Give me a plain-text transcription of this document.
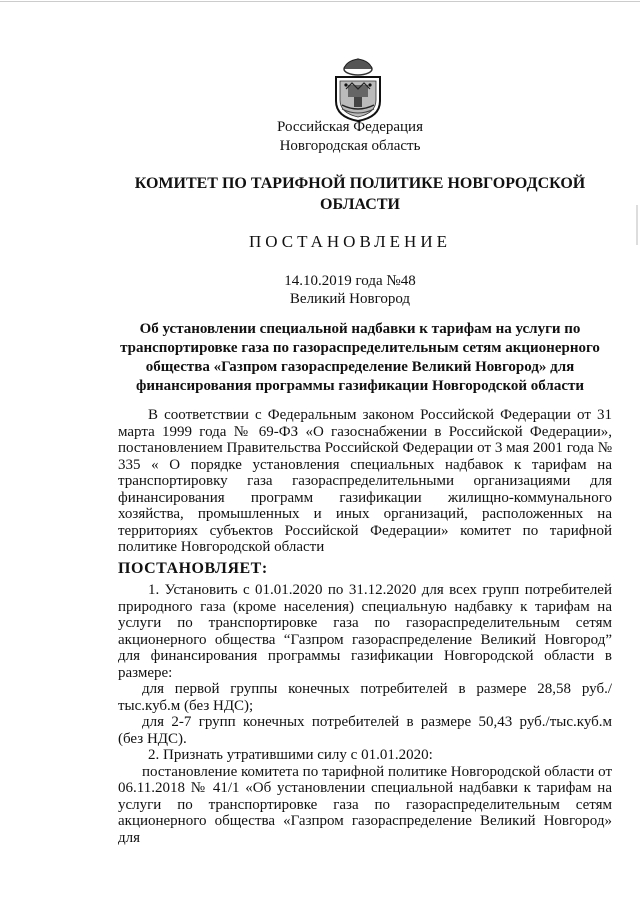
Российская Федерация
Новгородская область
КОМИТЕТ ПО ТАРИФНОЙ ПОЛИТИКЕ НОВГОРОДСКОЙ ОБЛАСТИ
ПОСТАНОВЛЕНИЕ
14.10.2019 года №48
Великий Новгород
Об установлении специальной надбавки к тарифам на услуги по транспортировке газа по газораспределительным сетям акционерного общества «Газпром газораспределение Великий Новгород» для финансирования программы газификации Новгородской области
В соответствии с Федеральным законом Российской Федерации от 31 марта 1999 года № 69-ФЗ «О газоснабжении в Российской Федерации», постановлением Правительства Российской Федерации от 3 мая 2001 года № 335 « О порядке установления специальных надбавок к тарифам на транспортировку газа газораспределительными организациями для финансирования программ газификации жилищно-коммунального хозяйства, промышленных и иных организаций, расположенных на территориях субъектов Российской Федерации» комитет по тарифной политике Новгородской области
ПОСТАНОВЛЯЕТ:

1. Установить с 01.01.2020 по 31.12.2020 для всех групп потребителей природного газа (кроме населения) специальную надбавку к тарифам на услуги по транспортировке газа по газораспределительным сетям акционерного общества “Газпром газораспределение Великий Новгород” для финансирования программы газификации Новгородской области в размере:

для первой группы конечных потребителей в размере 28,58 руб./тыс.куб.м (без НДС);

для 2-7 групп конечных потребителей в размере 50,43 руб./тыс.куб.м (без НДС).

2. Признать утратившими силу с 01.01.2020:

постановление комитета по тарифной политике Новгородской области от 06.11.2018 № 41/1 «Об установлении специальной надбавки к тарифам на услуги по транспортировке газа по газораспределительным сетям акционерного общества «Газпром газораспределение Великий Новгород» для
